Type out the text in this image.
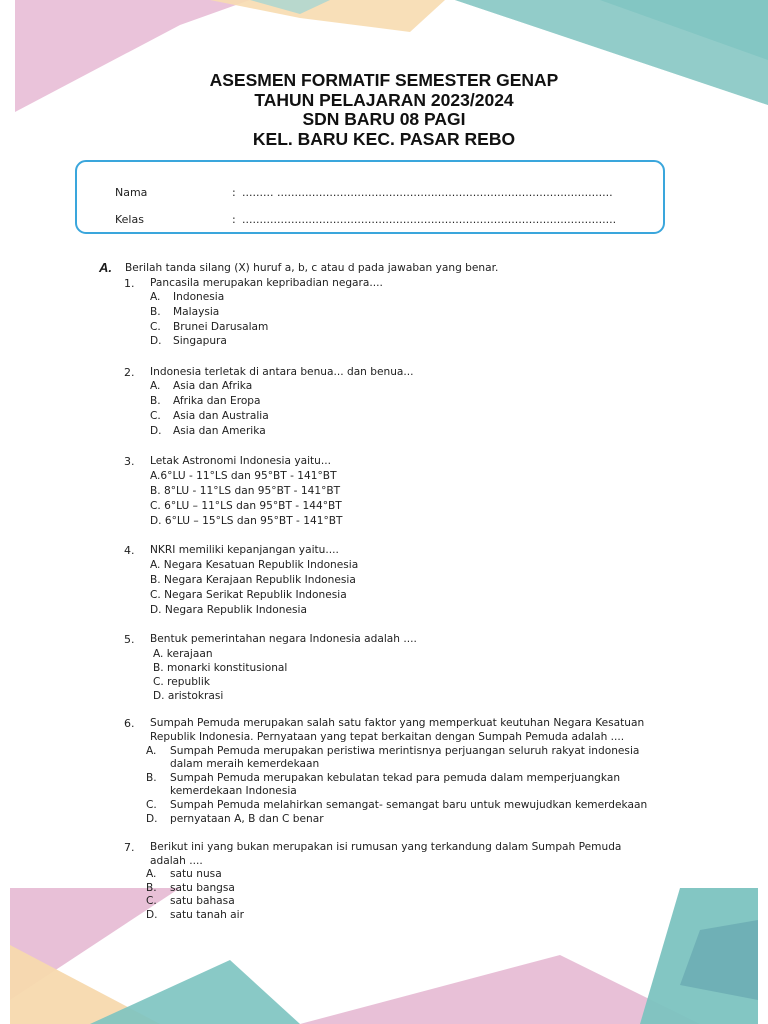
ASESMEN FORMATIF SEMESTER GENAP
TAHUN PELAJARAN 2023/2024
SDN BARU 08 PAGI
KEL. BARU KEC. PASAR REBO
Nama	: ......... ................................................................................................
Kelas	: ...........................................................................................................
A. Berilah tanda silang (X) huruf a, b, c atau d pada jawaban yang benar.
1. Pancasila merupakan kepribadian negara....
A. Indonesia
B. Malaysia
C. Brunei Darusalam
D. Singapura
2. Indonesia terletak di antara benua... dan benua...
A. Asia dan Afrika
B. Afrika dan Eropa
C. Asia dan Australia
D. Asia dan Amerika
3. Letak Astronomi Indonesia yaitu...
A.6°LU - 11°LS dan 95°BT - 141°BT
B. 8°LU - 11°LS dan 95°BT - 141°BT
C. 6°LU – 11°LS dan 95°BT - 144°BT
D. 6°LU – 15°LS dan 95°BT - 141°BT
4. NKRI memiliki kepanjangan yaitu....
A. Negara Kesatuan Republik Indonesia
B. Negara Kerajaan Republik Indonesia
C. Negara Serikat Republik Indonesia
D. Negara Republik Indonesia
5. Bentuk pemerintahan negara Indonesia adalah ....
A. kerajaan
B. monarki konstitusional
C. republik
D. aristokrasi
6. Sumpah Pemuda merupakan salah satu faktor yang memperkuat keutuhan Negara Kesatuan
Republik Indonesia. Pernyataan yang tepat berkaitan dengan Sumpah Pemuda adalah ....
A. Sumpah Pemuda merupakan peristiwa merintisnya perjuangan seluruh rakyat indonesia
dalam meraih kemerdekaan
B. Sumpah Pemuda merupakan kebulatan tekad para pemuda dalam memperjuangkan
kemerdekaan Indonesia
C. Sumpah Pemuda melahirkan semangat- semangat baru untuk mewujudkan kemerdekaan
D. pernyataan A, B dan C benar
7. Berikut ini yang bukan merupakan isi rumusan yang terkandung dalam Sumpah Pemuda
adalah ....
A. satu nusa
B. satu bangsa
C. satu bahasa
D. satu tanah air
